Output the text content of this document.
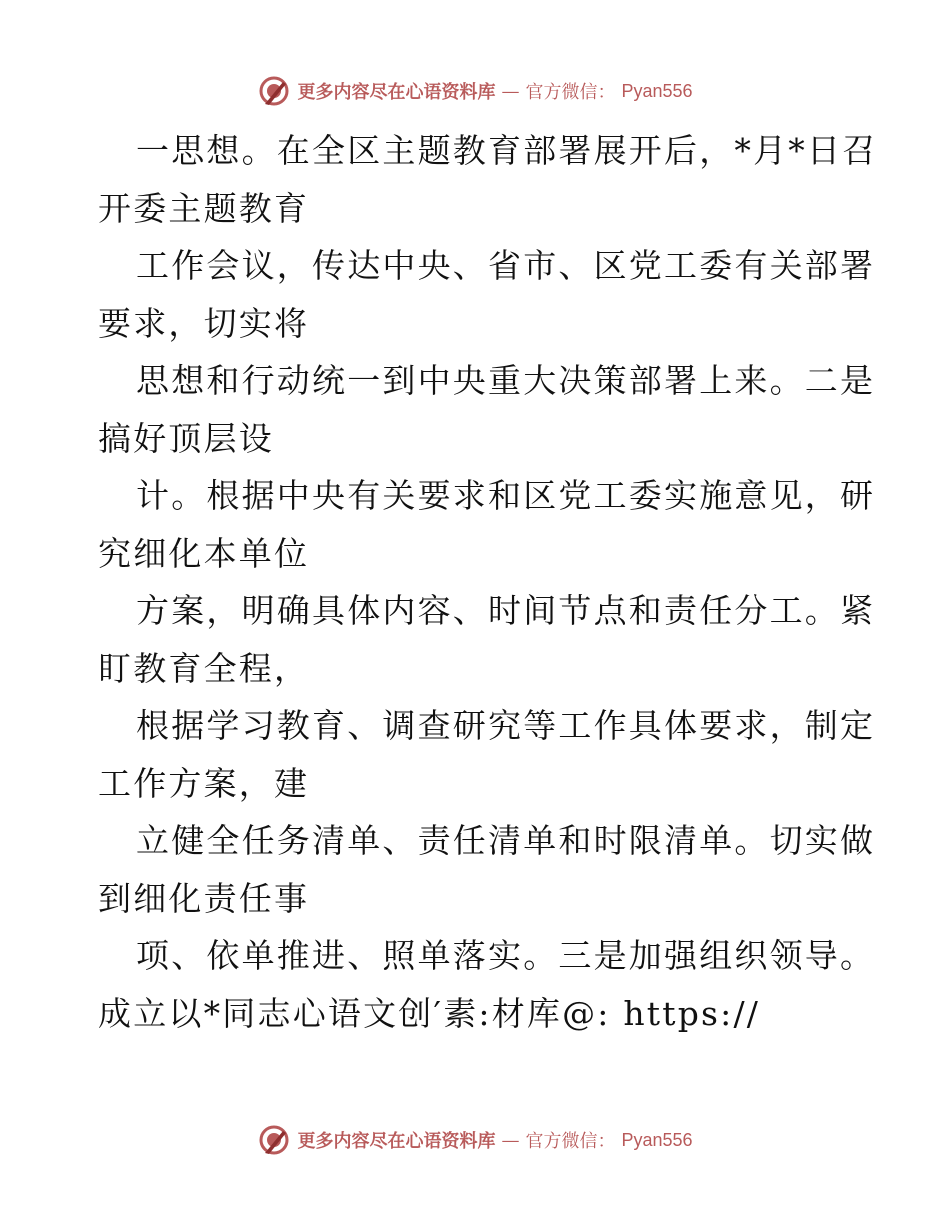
更多内容尽在心语资料库 — 官方微信： Pyan556
一思想。在全区主题教育部署展开后，*月*日召
开委主题教育
工作会议，传达中央、省市、区党工委有关部署
要求，切实将
思想和行动统一到中央重大决策部署上来。二是
搞好顶层设
计。根据中央有关要求和区党工委实施意见，研
究细化本单位
方案，明确具体内容、时间节点和责任分工。紧
盯教育全程，
根据学习教育、调查研究等工作具体要求，制定
工作方案，建
立健全任务清单、责任清单和时限清单。切实做
到细化责任事
项、依单推进、照单落实。三是加强组织领导。
成立以*同志心语文创′素:材库@: https://
更多内容尽在心语资料库 — 官方微信： Pyan556
